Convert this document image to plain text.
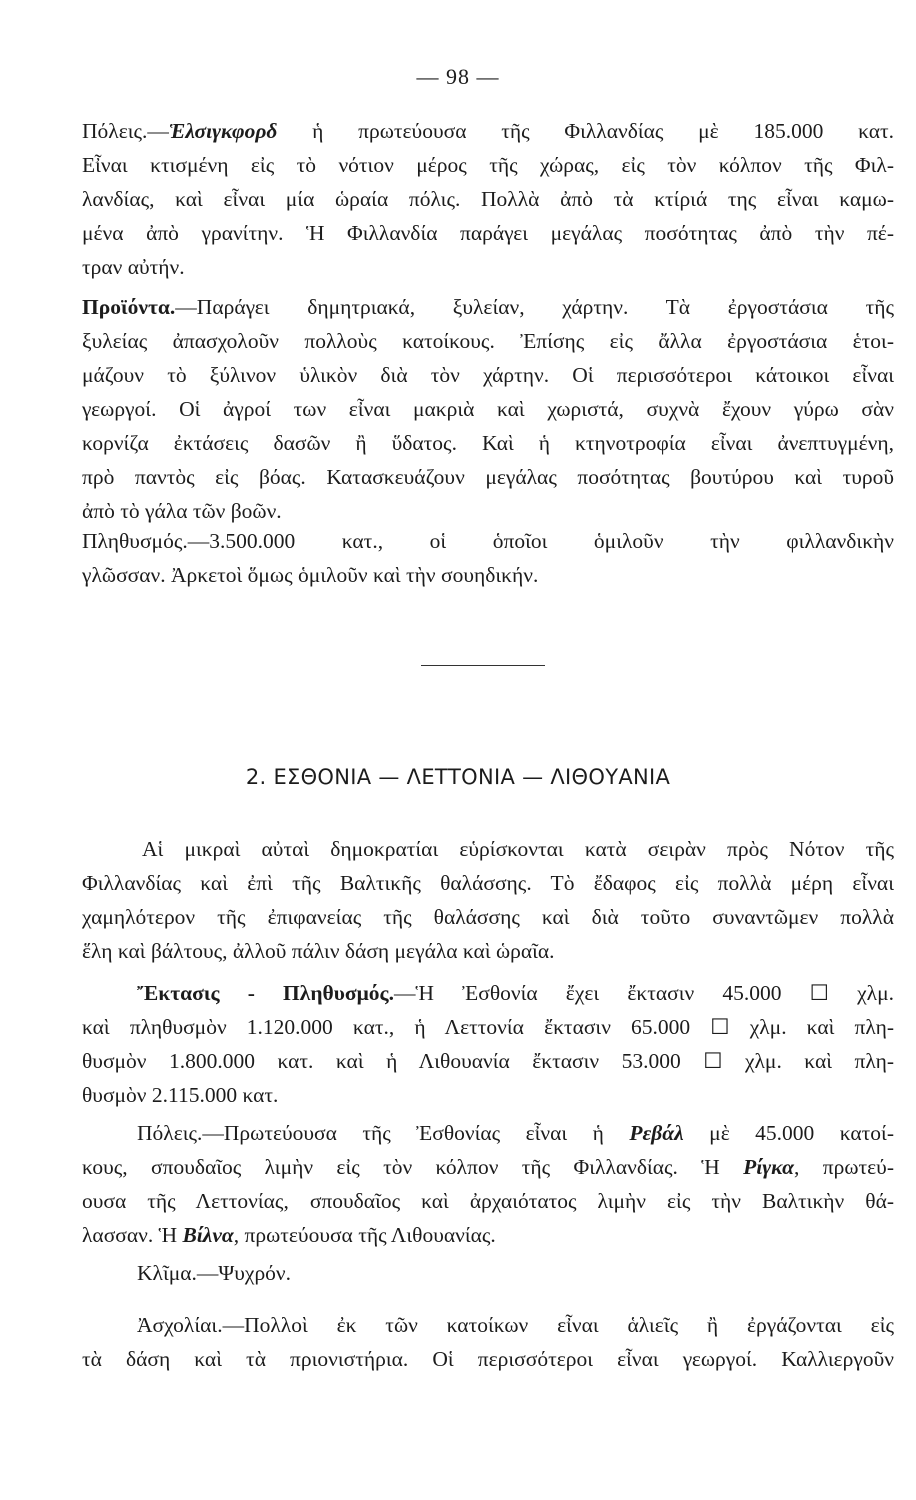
— 98 —

Πόλεις.—Ἑλσιγκφορδ ἡ πρωτεύουσα τῆς Φιλλανδίας μὲ 185.000 κατ.
Εἶναι κτισμένη εἰς τὸ νότιον μέρος τῆς χώρας, εἰς τὸν κόλπον τῆς Φιλ-
λανδίας, καὶ εἶναι μία ὡραία πόλις. Πολλὰ ἀπὸ τὰ κτίριά της εἶναι καμω-
μένα ἀπὸ γρανίτην. Ἡ Φιλλανδία παράγει μεγάλας ποσότητας ἀπὸ τὴν πέ-
τραν αὐτήν.

Προϊόντα.—Παράγει δημητριακά, ξυλείαν, χάρτην. Τὰ ἐργοστάσια τῆς
ξυλείας ἀπασχολοῦν πολλοὺς κατοίκους. Ἐπίσης εἰς ἄλλα ἐργοστάσια ἑτοι-
μάζουν τὸ ξύλινον ὑλικὸν διὰ τὸν χάρτην. Οἱ περισσότεροι κάτοικοι εἶναι
γεωργοί. Οἱ ἀγροί των εἶναι μακριὰ καὶ χωριστά, συχνὰ ἔχουν γύρω σὰν
κορνίζα ἐκτάσεις δασῶν ἢ ὕδατος. Καὶ ἡ κτηνοτροφία εἶναι ἀνεπτυγμένη,
πρὸ παντὸς εἰς βόας. Κατασκευάζουν μεγάλας ποσότητας βουτύρου καὶ τυροῦ
ἀπὸ τὸ γάλα τῶν βοῶν.

Πληθυσμός.—3.500.000 κατ., οἱ ὁποῖοι ὁμιλοῦν τὴν φιλλανδικὴν
γλῶσσαν. Ἀρκετοὶ ὅμως ὁμιλοῦν καὶ τὴν σουηδικήν.

2. ΕΣΘΟΝΙΑ — ΛΕΤΤΟΝΙΑ — ΛΙΘΟΥΑΝΙΑ

Αἱ μικραὶ αὐταὶ δημοκρατίαι εὑρίσκονται κατὰ σειρὰν πρὸς Νότον τῆς
Φιλλανδίας καὶ ἐπὶ τῆς Βαλτικῆς θαλάσσης. Τὸ ἔδαφος εἰς πολλὰ μέρη εἶναι
χαμηλότερον τῆς ἐπιφανείας τῆς θαλάσσης καὶ διὰ τοῦτο συναντῶμεν πολλὰ
ἕλη καὶ βάλτους, ἀλλοῦ πάλιν δάση μεγάλα καὶ ὡραῖα.

Ἔκτασις - Πληθυσμός.—Ἡ Ἐσθονία ἔχει ἔκτασιν 45.000 ☐ χλμ.
καὶ πληθυσμὸν 1.120.000 κατ., ἡ Λεττονία ἔκτασιν 65.000 ☐ χλμ. καὶ πλη-
θυσμὸν 1.800.000 κατ. καὶ ἡ Λιθουανία ἔκτασιν 53.000 ☐ χλμ. καὶ πλη-
θυσμὸν 2.115.000 κατ.

Πόλεις.—Πρωτεύουσα τῆς Ἐσθονίας εἶναι ἡ Ρεβάλ μὲ 45.000 κατοί-
κους, σπουδαῖος λιμὴν εἰς τὸν κόλπον τῆς Φιλλανδίας. Ἡ Ρίγκα, πρωτεύ-
ουσα τῆς Λεττονίας, σπουδαῖος καὶ ἀρχαιότατος λιμὴν εἰς τὴν Βαλτικὴν θά-
λασσαν. Ἡ Βίλνα, πρωτεύουσα τῆς Λιθουανίας.

Κλῖμα.—Ψυχρόν.

Ἀσχολίαι.—Πολλοὶ ἐκ τῶν κατοίκων εἶναι ἁλιεῖς ἢ ἐργάζονται εἰς
τὰ δάση καὶ τὰ πριονιστήρια. Οἱ περισσότεροι εἶναι γεωργοί. Καλλιεργοῦν
